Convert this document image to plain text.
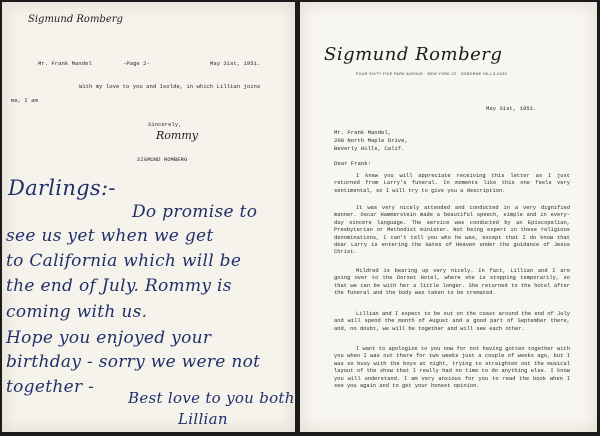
Sigmund Romberg
Mr. Frank Mandel	-Page 2-	May 31st, 1951.
With my love to you and Isolde, in which Lillian joins
me, I am
Sincerely,
Rommy
SIGMUND ROMBERG
Darlings:-
Do promise to
see us yet when we get
to California which will be
the end of July. Rommy is
coming with us.
Hope you enjoyed your
birthday - sorry we were not
together -
Best love to you both
Lillian
Sigmund Romberg
FOUR SIXTY FIVE PARK AVENUE · NEW YORK 22 · OSBORNE HILL 8-0430
May 31st, 1951.
Mr. Frank Mandel,
208 North Maple Drive,
Beverly Hills, Calif.
Dear Frank:
I knew you will appreciate receiving this letter as I just returned from Larry's funeral. In moments like this one feels very sentimental, so I will try to give you a description.
It was very nicely attended and conducted in a very dignified manner. Oscar Hammerstein made a beautiful speech, simple and in every-day sincere language. The service was conducted by an Episcopalian, Presbyterian or Methodist minister. Not being expert in these religious denominations, I can't tell you who he was, except that I do know that dear Larry is entering the Gates of Heaven under the guidance of Jesus Christ.
Mildred is bearing up very nicely. In fact, Lillian and I are going over to the Dorset Hotel, where she is stopping temporarily, so that we can be with her a little longer. She returned to the hotel after the funeral and the body was taken to be cremated.
Lillian and I expect to be out on the coast around the end of July and will spend the month of August and a good part of September there, and, no doubt, we will be together and will see each other.
I want to apologize to you now for not having gotten together with you when I was out there for two weeks just a couple of weeks ago, but I was so busy with the boys at night, trying to straighten out the musical layout of the show that I really had no time to do anything else. I know you will understand. I am very anxious for you to read the book when I see you again and to get your honest opinion.
